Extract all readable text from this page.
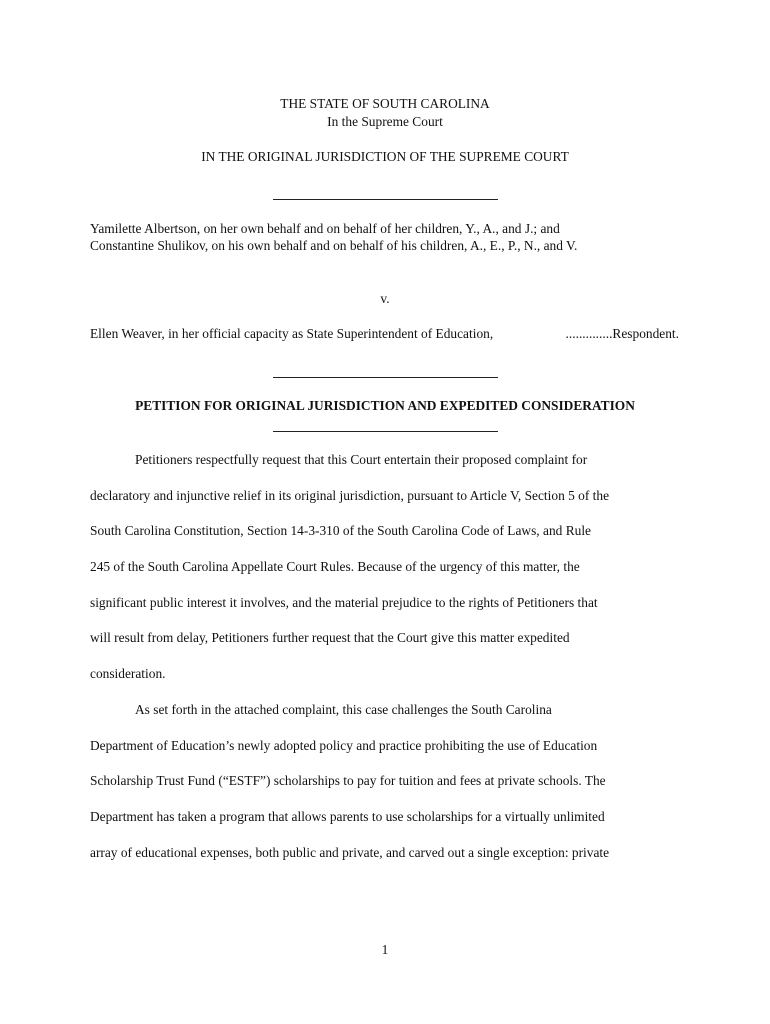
THE STATE OF SOUTH CAROLINA
In the Supreme Court
IN THE ORIGINAL JURISDICTION OF THE SUPREME COURT
Yamilette Albertson, on her own behalf and on behalf of her children, Y., A., and J.; and
Constantine Shulikov, on his own behalf and on behalf of his children, A., E., P., N., and V.
v.
Ellen Weaver, in her official capacity as State Superintendent of Education,	..............Respondent.
PETITION FOR ORIGINAL JURISDICTION AND EXPEDITED CONSIDERATION
Petitioners respectfully request that this Court entertain their proposed complaint for
declaratory and injunctive relief in its original jurisdiction, pursuant to Article V, Section 5 of the
South Carolina Constitution, Section 14-3-310 of the South Carolina Code of Laws, and Rule
245 of the South Carolina Appellate Court Rules. Because of the urgency of this matter, the
significant public interest it involves, and the material prejudice to the rights of Petitioners that
will result from delay, Petitioners further request that the Court give this matter expedited
consideration.
As set forth in the attached complaint, this case challenges the South Carolina
Department of Education’s newly adopted policy and practice prohibiting the use of Education
Scholarship Trust Fund (“ESTF”) scholarships to pay for tuition and fees at private schools. The
Department has taken a program that allows parents to use scholarships for a virtually unlimited
array of educational expenses, both public and private, and carved out a single exception: private
1
